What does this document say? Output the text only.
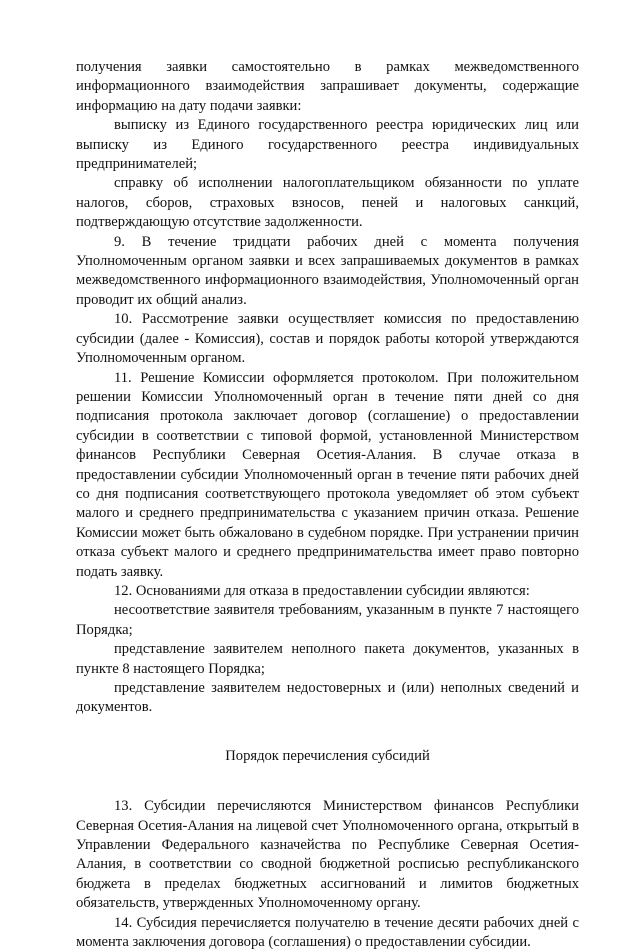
получения заявки самостоятельно в рамках межведомственного информационного взаимодействия запрашивает документы, содержащие информацию на дату подачи заявки:

выписку из Единого государственного реестра юридических лиц или выписку из Единого государственного реестра индивидуальных предпринимателей;

справку об исполнении налогоплательщиком обязанности по уплате налогов, сборов, страховых взносов, пеней и налоговых санкций, подтверждающую отсутствие задолженности.

9. В течение тридцати рабочих дней с момента получения Уполномоченным органом заявки и всех запрашиваемых документов в рамках межведомственного информационного взаимодействия, Уполномоченный орган проводит их общий анализ.

10. Рассмотрение заявки осуществляет комиссия по предоставлению субсидии (далее - Комиссия), состав и порядок работы которой утверждаются Уполномоченным органом.

11. Решение Комиссии оформляется протоколом. При положительном решении Комиссии Уполномоченный орган в течение пяти дней со дня подписания протокола заключает договор (соглашение) о предоставлении субсидии в соответствии с типовой формой, установленной Министерством финансов Республики Северная Осетия-Алания. В случае отказа в предоставлении субсидии Уполномоченный орган в течение пяти рабочих дней со дня подписания соответствующего протокола уведомляет об этом субъект малого и среднего предпринимательства с указанием причин отказа. Решение Комиссии может быть обжаловано в судебном порядке. При устранении причин отказа субъект малого и среднего предпринимательства имеет право повторно подать заявку.

12. Основаниями для отказа в предоставлении субсидии являются:

несоответствие заявителя требованиям, указанным в пункте 7 настоящего Порядка;

представление заявителем неполного пакета документов, указанных в пункте 8 настоящего Порядка;

представление заявителем недостоверных и (или) неполных сведений и документов.

Порядок перечисления субсидий

13. Субсидии перечисляются Министерством финансов Республики Северная Осетия-Алания на лицевой счет Уполномоченного органа, открытый в Управлении Федерального казначейства по Республике Северная Осетия-Алания, в соответствии со сводной бюджетной росписью республиканского бюджета в пределах бюджетных ассигнований и лимитов бюджетных обязательств, утвержденных Уполномоченному органу.

14. Субсидия перечисляется получателю в течение десяти рабочих дней с момента заключения договора (соглашения) о предоставлении субсидии.
